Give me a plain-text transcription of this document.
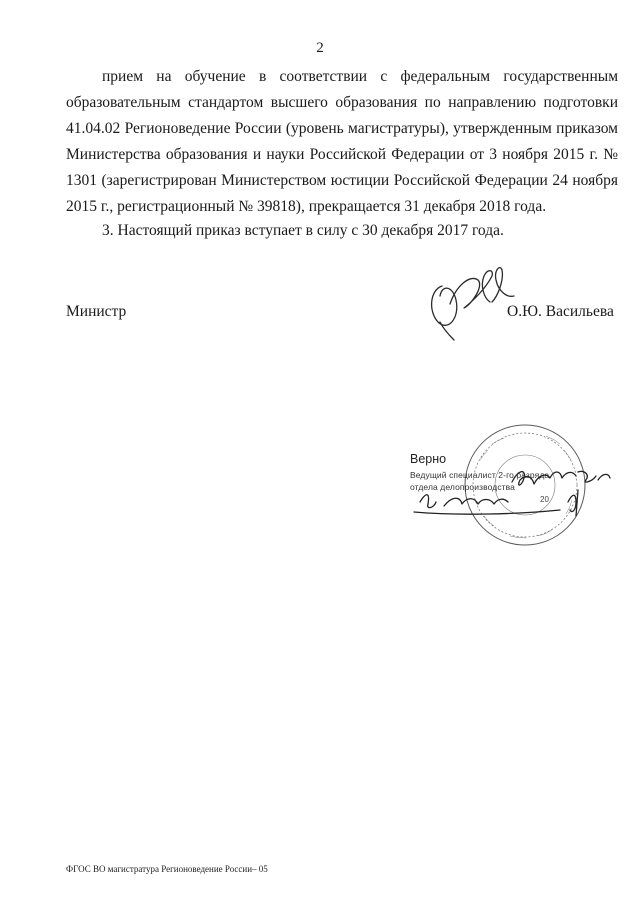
2
прием на обучение в соответствии с федеральным государственным образовательным стандартом высшего образования по направлению подготовки 41.04.02 Регионоведение России (уровень магистратуры), утвержденным приказом Министерства образования и науки Российской Федерации от 3 ноября 2015 г. № 1301 (зарегистрирован Министерством юстиции Российской Федерации 24 ноября 2015 г., регистрационный № 39818), прекращается 31 декабря 2018 года.
3. Настоящий приказ вступает в силу с 30 декабря 2017 года.
Министр	О.Ю. Васильева
Верно
Ведущий специалист 2-го разряда
отдела делопроизводства
20
ФГОС ВО магистратура Регионоведение России– 05
